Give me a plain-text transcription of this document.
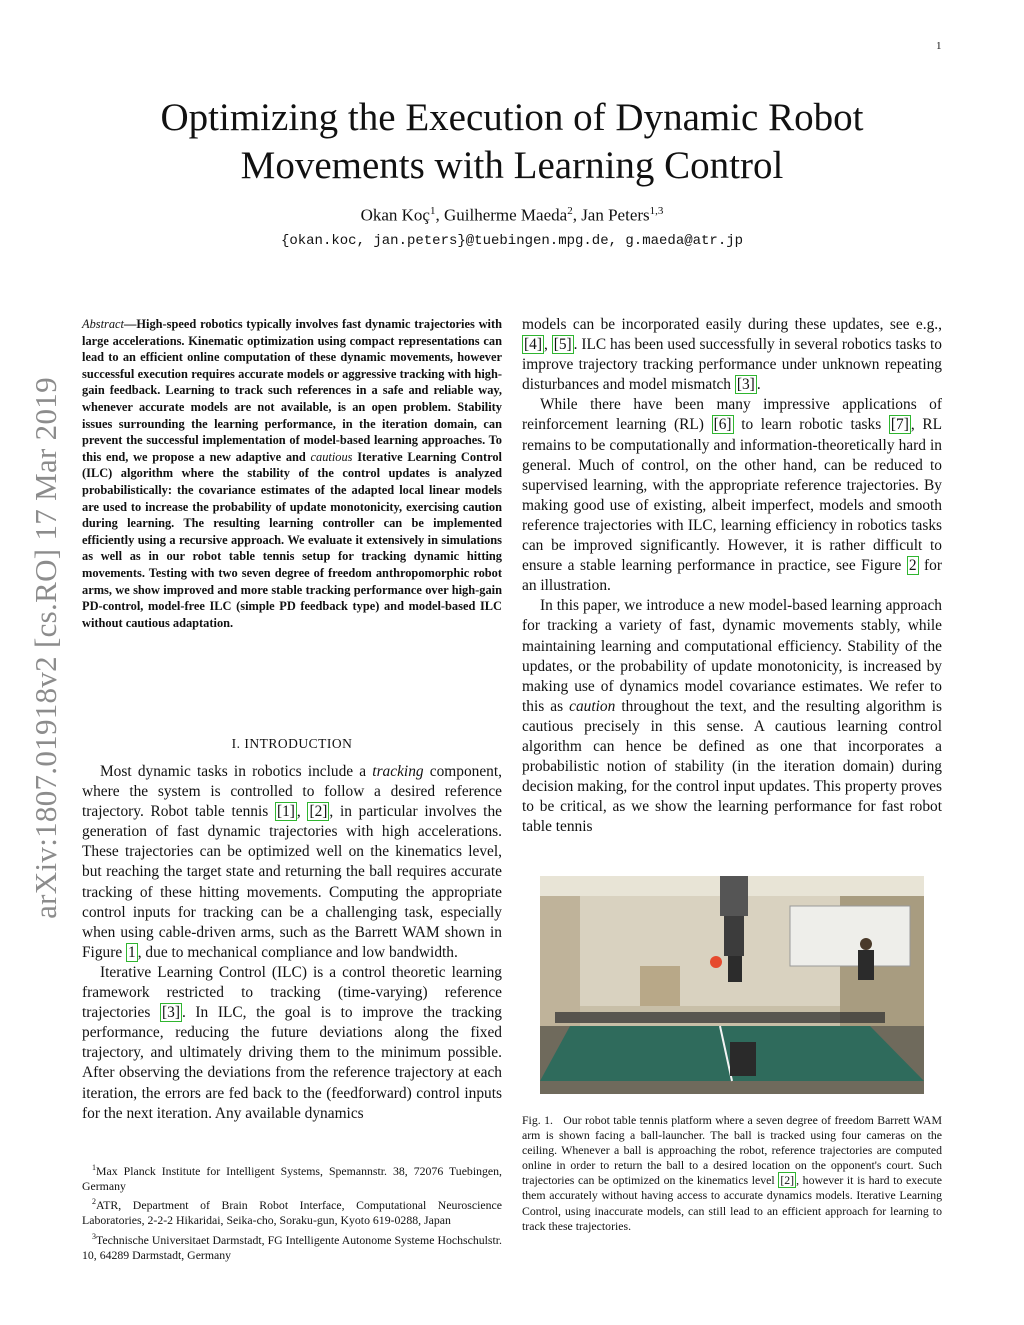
1
arXiv:1807.01918v2 [cs.RO] 17 Mar 2019
Optimizing the Execution of Dynamic Robot
Movements with Learning Control
Okan Koç$^1$, Guilherme Maeda$^2$, Jan Peters$^{1,3}$
{okan.koc, jan.peters}@tuebingen.mpg.de, g.maeda@atr.jp

Abstract—High-speed robotics typically involves fast dynamic trajectories with large accelerations. Kinematic optimization using compact representations can lead to an efficient online computation of these dynamic movements, however successful execution requires accurate models or aggressive tracking with high-gain feedback. Learning to track such references in a safe and reliable way, whenever accurate models are not available, is an open problem. Stability issues surrounding the learning performance, in the iteration domain, can prevent the successful implementation of model-based learning approaches. To this end, we propose a new adaptive and cautious Iterative Learning Control (ILC) algorithm where the stability of the control updates is analyzed probabilistically: the covariance estimates of the adapted local linear models are used to increase the probability of update monotonicity, exercising caution during learning. The resulting learning controller can be implemented efficiently using a recursive approach. We evaluate it extensively in simulations as well as in our robot table tennis setup for tracking dynamic hitting movements. Testing with two seven degree of freedom anthropomorphic robot arms, we show improved and more stable tracking performance over high-gain PD-control, model-free ILC (simple PD feedback type) and model-based ILC without cautious adaptation.

I. INTRODUCTION

Most dynamic tasks in robotics include a tracking component, where the system is controlled to follow a desired reference trajectory. Robot table tennis [1] , [2] , in particular involves the generation of fast dynamic trajectories with high accelerations. These trajectories can be optimized well on the kinematics level, but reaching the target state and returning the ball requires accurate tracking of these hitting movements. Computing the appropriate control inputs for tracking can be a challenging task, especially when using cable-driven arms, such as the Barrett WAM shown in Figure 1 , due to mechanical compliance and low bandwidth.

Iterative Learning Control (ILC) is a control theoretic learning framework restricted to tracking (time-varying) reference trajectories [3] . In ILC, the goal is to improve the tracking performance, reducing the future deviations along the fixed trajectory, and ultimately driving them to the minimum possible. After observing the deviations from the reference trajectory at each iteration, the errors are fed back to the (feedforward) control inputs for the next iteration. Any available dynamics

$^1$Max Planck Institute for Intelligent Systems, Spemannstr. 38, 72076 Tuebingen, Germany

$^2$ATR, Department of Brain Robot Interface, Computational Neuroscience Laboratories, 2-2-2 Hikaridai, Seika-cho, Soraku-gun, Kyoto 619-0288, Japan

$^3$Technische Universitaet Darmstadt, FG Intelligente Autonome Systeme Hochschulstr. 10, 64289 Darmstadt, Germany

models can be incorporated easily during these updates, see e.g., [4] , [5] . ILC has been used successfully in several robotics tasks to improve trajectory tracking performance under unknown repeating disturbances and model mismatch [3] .

While there have been many impressive applications of reinforcement learning (RL) [6] to learn robotic tasks [7] , RL remains to be computationally and information-theoretically hard in general. Much of control, on the other hand, can be reduced to supervised learning, with the appropriate reference trajectories. By making good use of existing, albeit imperfect, models and smooth reference trajectories with ILC, learning efficiency in robotics tasks can be improved significantly. However, it is rather difficult to ensure a stable learning performance in practice, see Figure 2 for an illustration.

In this paper, we introduce a new model-based learning approach for tracking a variety of fast, dynamic movements stably, while maintaining learning and computational efficiency. Stability of the updates, or the probability of update monotonicity, is increased by making use of dynamics model covariance estimates. We refer to this as caution throughout the text, and the resulting algorithm is cautious precisely in this sense. A cautious learning control algorithm can hence be defined as one that incorporates a probabilistic notion of stability (in the iteration domain) during decision making, for the control input updates. This property proves to be critical, as we show the learning performance for fast robot table tennis

Fig. 1. Our robot table tennis platform where a seven degree of freedom Barrett WAM arm is shown facing a ball-launcher. The ball is tracked using four cameras on the ceiling. Whenever a ball is approaching the robot, reference trajectories are computed online in order to return the ball to a desired location on the opponent's court. Such trajectories can be optimized on the kinematics level [2] , however it is hard to execute them accurately without having access to accurate dynamics models. Iterative Learning Control, using inaccurate models, can still lead to an efficient approach for learning to track these trajectories.
